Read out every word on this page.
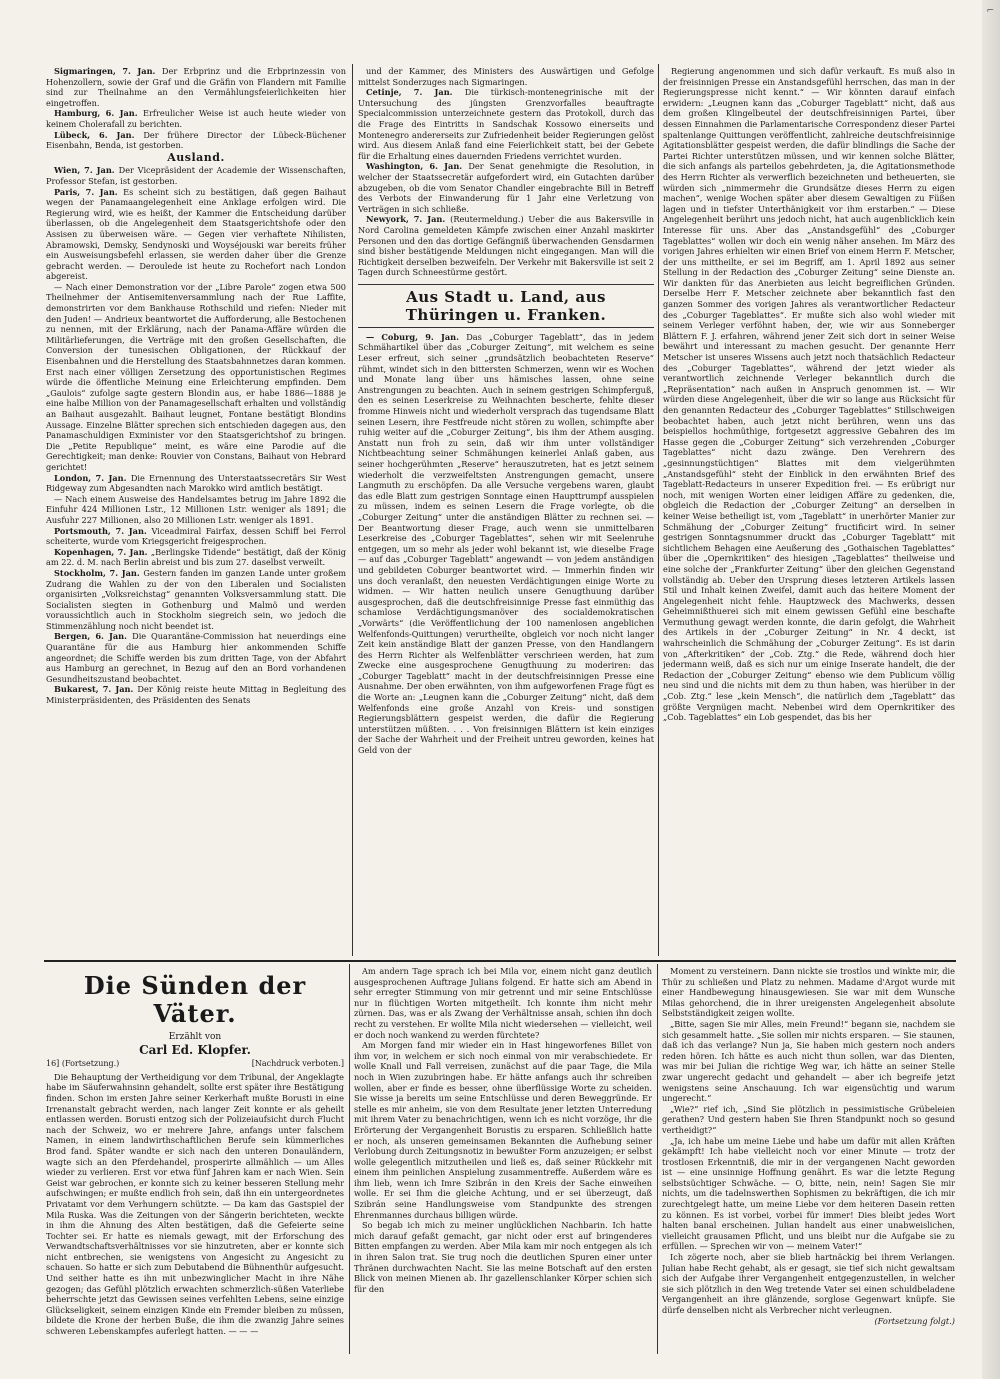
Sigmaringen, 7. Jan. Der Erbprinz und die Erbprinzessin von Hohenzollern, sowie der Graf und die Gräfin von Flandern mit Familie sind zur Theilnahme an den Vermählungsfeierlichkeiten hier eingetroffen.

Hamburg, 6. Jan. Erfreulicher Weise ist auch heute wieder von keinem Cholerafall zu berichten.

Lübeck, 6. Jan. Der frühere Director der Lübeck-Büchener Eisenbahn, Benda, ist gestorben.

Ausland.

Wien, 7. Jan. Der Vicepräsident der Academie der Wissenschaften, Professor Stefan, ist gestorben.

Paris, 7. Jan. Es scheint sich zu bestätigen, daß gegen Baihaut wegen der Panamaangelegenheit eine Anklage erfolgen wird. Die Regierung wird, wie es heißt, der Kammer die Entscheidung darüber überlassen, ob die Angelegenheit dem Staatsgerichtshofe oder den Assisen zu überweisen wäre. — Gegen vier verhaftete Nihilisten, Abramowski, Demsky, Sendynoski und Woyséjouski war bereits früher ein Ausweisungsbefehl erlassen, sie werden daher über die Grenze gebracht werden. — Deroulede ist heute zu Rochefort nach London abgereist.

— Nach einer Demonstration vor der „Libre Parole“ zogen etwa 500 Theilnehmer der Antisemitenversammlung nach der Rue Laffite, demonstrirten vor dem Bankhause Rothschild und riefen: Nieder mit den Juden! — Andrieux beantwortet die Aufforderung, alle Bestochenen zu nennen, mit der Erklärung, nach der Panama-Affäre würden die Militärlieferungen, die Verträge mit den großen Gesellschaften, die Conversion der tunesischen Obligationen, der Rückkauf der Eisenbahnen und die Herstellung des Staatsbahnnetzes daran kommen. Erst nach einer völligen Zersetzung des opportunistischen Regimes würde die öffentliche Meinung eine Erleichterung empfinden. Dem „Gaulois“ zufolge sagte gestern Blondin aus, er habe 1886—1888 je eine halbe Million von der Panamagesellschaft erhalten und vollständig an Baihaut ausgezahlt. Baihaut leugnet, Fontane bestätigt Blondins Aussage. Einzelne Blätter sprechen sich entschieden dagegen aus, den Panamaschuldigen Exminister vor den Staatsgerichtshof zu bringen. Die „Petite Republique“ meint, es wäre eine Parodie auf die Gerechtigkeit; man denke: Rouvier von Constans, Baihaut von Hebrard gerichtet!

London, 7. Jan. Die Ernennung des Unterstaatssecretärs Sir West Ridgeway zum Abgesandten nach Marokko wird amtlich bestätigt.

— Nach einem Ausweise des Handelsamtes betrug im Jahre 1892 die Einfuhr 424 Millionen Lstr., 12 Millionen Lstr. weniger als 1891; die Ausfuhr 227 Millionen, also 20 Millionen Lstr. weniger als 1891.

Portsmouth, 7. Jan. Viceadmiral Fairfax, dessen Schiff bei Ferrol scheiterte, wurde vom Kriegsgericht freigesprochen.

Kopenhagen, 7. Jan. „Berlingske Tidende“ bestätigt, daß der König am 22. d. M. nach Berlin abreist und bis zum 27. daselbst verweilt.

Stockholm, 7. Jan. Gestern fanden im ganzen Lande unter großem Zudrang die Wahlen zu der von den Liberalen und Socialisten organisirten „Volksreichstag“ genannten Volksversammlung statt. Die Socialisten siegten in Gothenburg und Malmö und werden voraussichtlich auch in Stockholm siegreich sein, wo jedoch die Stimmenzählung noch nicht beendet ist.

Bergen, 6. Jan. Die Quarantäne-Commission hat neuerdings eine Quarantäne für die aus Hamburg hier ankommenden Schiffe angeordnet; die Schiffe werden bis zum dritten Tage, von der Abfahrt aus Hamburg an gerechnet, in Bezug auf den an Bord vorhandenen Gesundheitszustand beobachtet.

Bukarest, 7. Jan. Der König reiste heute Mittag in Begleitung des Ministerpräsidenten, des Präsidenten des Senats

und der Kammer, des Ministers des Auswärtigen und Gefolge mittelst Sonderzuges nach Sigmaringen.

Cetinje, 7. Jan. Die türkisch-montenegrinische mit der Untersuchung des jüngsten Grenzvorfalles beauftragte Specialcommission unterzeichnete gestern das Protokoll, durch das die Frage des Eintritts in Sandschak Kossowo einerseits und Montenegro andererseits zur Zufriedenheit beider Regierungen gelöst wird. Aus diesem Anlaß fand eine Feierlichkeit statt, bei der Gebete für die Erhaltung eines dauernden Friedens verrichtet wurden.

Washington, 6. Jan. Der Senat genehmigte die Resolution, in welcher der Staatssecretär aufgefordert wird, ein Gutachten darüber abzugeben, ob die vom Senator Chandler eingebrachte Bill in Betreff des Verbots der Einwanderung für 1 Jahr eine Verletzung von Verträgen in sich schließe.

Newyork, 7. Jan. (Reutermeldung.) Ueber die aus Bakersville in Nord Carolina gemeldeten Kämpfe zwischen einer Anzahl maskirter Personen und den das dortige Gefängniß überwachenden Gensdarmen sind bisher bestätigende Meldungen nicht eingegangen. Man will die Richtigkeit derselben bezweifeln. Der Verkehr mit Bakersville ist seit 2 Tagen durch Schneestürme gestört.

Aus Stadt u. Land, aus Thüringen u. Franken.

— Coburg, 9. Jan. Das „Coburger Tageblatt“, das in jedem Schmähartikel über das „Coburger Zeitung“, mit welchem es seine Leser erfreut, sich seiner „grundsätzlich beobachteten Reserve“ rühmt, windet sich in den bittersten Schmerzen, wenn wir es Wochen und Monate lang über uns hämisches lassen, ohne seine Anstrengungen zu beachten. Auch in seinem gestrigen Schimpferguß, den es seinen Leserkreise zu Weihnachten bescherte, fehlte dieser fromme Hinweis nicht und wiederholt versprach das tugendsame Blatt seinen Lesern, ihre Festfreude nicht stören zu wollen, schimpfte aber ruhig weiter auf die „Coburger Zeitung“, bis ihm der Athem ausging. Anstatt nun froh zu sein, daß wir ihm unter vollständiger Nichtbeachtung seiner Schmähungen keinerlei Anlaß gaben, aus seiner hochgerühmten „Reserve“ herauszutreten, hat es jetzt seinem wiederholt die verzweifeltsten Anstrengungen gemacht, unsere Langmuth zu erschöpfen. Da alle Versuche vergebens waren, glaubt das edle Blatt zum gestrigen Sonntage einen Haupttrumpf ausspielen zu müssen, indem es seinen Lesern die Frage vorlegte, ob die „Coburger Zeitung“ unter die anständigen Blätter zu rechnen sei. — Der Beantwortung dieser Frage, auch wenn sie unmittelbaren Leserkreise des „Coburger Tageblattes“, sehen wir mit Seelenruhe entgegen, um so mehr als jeder wohl bekannt ist, wie dieselbe Frage — auf das „Coburger Tageblatt“ angewandt — von jedem anständigen und gebildeten Coburger beantwortet wird. — Immerhin finden wir uns doch veranlaßt, den neuesten Verdächtigungen einige Worte zu widmen. — Wir hatten neulich unsere Genugthuung darüber ausgesprochen, daß die deutschfreisinnige Presse fast einmüthig das schamlose Verdächtigungsmanöver des socialdemokratischen „Vorwärts“ (die Veröffentlichung der 100 namenlosen angeblichen Welfenfonds-Quittungen) verurtheilte, obgleich vor noch nicht langer Zeit kein anständige Blatt der ganzen Presse, von den Handlangern des Herrn Richter als Welfenblätter verschrieen werden, hat zum Zwecke eine ausgesprochene Genugthuung zu moderiren: das „Coburger Tageblatt“ macht in der deutschfreisinnigen Presse eine Ausnahme. Der oben erwähnten, von ihm aufgeworfenen Frage fügt es die Worte an: „Leugnen kann die „Coburger Zeitung“ nicht, daß dem Welfenfonds eine große Anzahl von Kreis- und sonstigen Regierungsblättern gespeist werden, die dafür die Regierung unterstützen müßten. . . . Von freisinnigen Blättern ist kein einziges der Sache der Wahrheit und der Freiheit untreu geworden, keines hat Geld von der

Regierung angenommen und sich dafür verkauft. Es muß also in der freisinnigen Presse ein Anstandsgefühl herrschen, das man in der Regierungspresse nicht kennt.“ — Wir könnten darauf einfach erwidern: „Leugnen kann das „Coburger Tageblatt“ nicht, daß aus dem großen Klingelbeutel der deutschfreisinnigen Partei, über dessen Einnahmen die Parlamentarische Correspondenz dieser Partei spaltenlange Quittungen veröffentlicht, zahlreiche deutschfreisinnige Agitationsblätter gespeist werden, die dafür blindlings die Sache der Partei Richter unterstützen müssen, und wir kennen solche Blätter, die sich anfangs als parteilos gebehrdeten, ja, die Agitationsmethode des Herrn Richter als verwerflich bezeichneten und betheuerten, sie würden sich „nimmermehr die Grundsätze dieses Herrn zu eigen machen“, wenige Wochen später aber diesem Gewaltigen zu Füßen lagen und in tiefster Unterthänigkeit vor ihm erstarben.“ — Diese Angelegenheit berührt uns jedoch nicht, hat auch augenblicklich kein Interesse für uns. Aber das „Anstandsgefühl“ des „Coburger Tageblattes“ wollen wir doch ein wenig näher ansehen. Im März des vorigen Jahres erhielten wir einen Brief von einem Herrn F. Metscher, der uns mittheilte, er sei im Begriff, am 1. April 1892 aus seiner Stellung in der Redaction des „Coburger Zeitung“ seine Dienste an. Wir dankten für das Anerbieten aus leicht begreiflichen Gründen. Derselbe Herr F. Metscher zeichnete aber bekanntlich fast den ganzen Sommer des vorigen Jahres als verantwortlicher Redacteur des „Coburger Tageblattes“. Er mußte sich also wohl wieder mit seinem Verleger verföhnt haben, der, wie wir aus Sonneberger Blättern F. J. erfahren, während jener Zeit sich dort in seiner Weise bewährt und interessant zu machen gesucht. Der genannte Herr Metscher ist unseres Wissens auch jetzt noch thatsächlich Redacteur des „Coburger Tageblattes“, während der jetzt wieder als verantwortlich zeichnende Verleger bekanntlich durch die „Repräsentation“ nach außen in Anspruch genommen ist. — Wir würden diese Angelegenheit, über die wir so lange aus Rücksicht für den genannten Redacteur des „Coburger Tageblattes“ Stillschweigen beobachtet haben, auch jetzt nicht berühren, wenn uns das beispiellos hochmüthige, fortgesetzt aggressive Gebahren des im Hasse gegen die „Coburger Zeitung“ sich verzehrenden „Coburger Tageblattes“ nicht dazu zwänge. Den Verehrern des „gesinnungstüchtigen“ Blattes mit dem vielgerühmten „Anstandsgefühl“ steht der Einblick in den erwähnten Brief des Tageblatt-Redacteurs in unserer Expedition frei. — Es erübrigt nur noch, mit wenigen Worten einer leidigen Affäre zu gedenken, die, obgleich die Redaction der „Coburger Zeitung“ an derselben in keiner Weise betheiligt ist, vom „Tageblatt“ in unerhörter Manier zur Schmähung der „Coburger Zeitung“ fructificirt wird. In seiner gestrigen Sonntagsnummer druckt das „Coburger Tageblatt“ mit sichtlichem Behagen eine Aeußerung des „Gothaischen Tageblattes“ über die „Opernkritiken“ des hiesigen „Tageblattes“ theilweise und eine solche der „Frankfurter Zeitung“ über den gleichen Gegenstand vollständig ab. Ueber den Ursprung dieses letzteren Artikels lassen Stil und Inhalt keinen Zweifel, damit auch das heitere Moment der Angelegenheit nicht fehle. Hauptzweck des Machwerks, dessen Geheimnißthuerei sich mit einem gewissen Gefühl eine beschafte Vermuthung gewagt werden konnte, die darin gefolgt, die Wahrheit des Artikels in der „Coburger Zeitung“ in Nr. 4 deckt, ist wahrscheinlich die Schmähung der „Coburger Zeitung“. Es ist darin von „Afterkritiken“ der „Cob. Ztg.“ die Rede, während doch hier jedermann weiß, daß es sich nur um einige Inserate handelt, die der Redaction der „Coburger Zeitung“ ebenso wie dem Publicum völlig neu sind und die nichts mit dem zu thun haben, was hierüber in der „Cob. Ztg.“ lese „kein Mensch“, die natürlich dem „Tageblatt“ das größte Vergnügen macht. Nebenbei wird dem Opernkritiker des „Cob. Tageblattes“ ein Lob gespendet, das bis her

Die Sünden der Väter.
Erzählt von
Carl Ed. Klopfer.
16] (Fortsetzung.)	[Nachdruck verboten.]

Die Behauptung der Vertheidigung vor dem Tribunal, der Angeklagte habe im Säuferwahnsinn gehandelt, sollte erst später ihre Bestätigung finden. Schon im ersten Jahre seiner Kerkerhaft mußte Borusti in eine Irrenanstalt gebracht werden, nach langer Zeit konnte er als geheilt entlassen werden. Borusti entzog sich der Polizeiaufsicht durch Flucht nach der Schweiz, wo er mehrere Jahre, anfangs unter falschem Namen, in einem landwirthschaftlichen Berufe sein kümmerliches Brod fand. Später wandte er sich nach den unteren Donauländern, wagte sich an den Pferdehandel, prosperirte allmählich — um Alles wieder zu verlieren. Erst vor etwa fünf Jahren kam er nach Wien. Sein Geist war gebrochen, er konnte sich zu keiner besseren Stellung mehr aufschwingen; er mußte endlich froh sein, daß ihn ein untergeordnetes Privatamt vor dem Verhungern schützte. — Da kam das Gastspiel der Mila Ruska. Was die Zeitungen von der Sängerin berichteten, weckte in ihm die Ahnung des Alten bestätigen, daß die Gefeierte seine Tochter sei. Er hatte es niemals gewagt, mit der Erforschung des Verwandtschaftsverhältnisses vor sie hinzutreten, aber er konnte sich nicht entbrechen, sie wenigstens von Angesicht zu Angesicht zu schauen. So hatte er sich zum Debutabend die Bühnenthür aufgesucht. Und seither hatte es ihn mit unbezwinglicher Macht in ihre Nähe gezogen; das Gefühl plötzlich erwachten schmerzlich-süßen Vaterliebe beherrschte jetzt das Gewissen seines verfehlten Lebens, seine einzige Glückseligkeit, seinem einzigen Kinde ein Fremder bleiben zu müssen, bildete die Krone der herben Buße, die ihm die zwanzig Jahre seines schweren Lebenskampfes auferlegt hatten. — — —

Am andern Tage sprach ich bei Mila vor, einem nicht ganz deutlich ausgesprochenen Auftrage Julians folgend. Er hatte sich am Abend in sehr erregter Stimmung von mir getrennt und mir seine Entschlüsse nur in flüchtigen Worten mitgetheilt. Ich konnte ihm nicht mehr zürnen. Das, was er als Zwang der Verhältnisse ansah, schien ihn doch recht zu verstehen. Er wollte Mila nicht wiedersehen — vielleicht, weil er doch noch wankend zu werden fürchtete?

Am Morgen fand mir wieder ein in Hast hingeworfenes Billet von ihm vor, in welchem er sich noch einmal von mir verabschiedete. Er wolle Knall und Fall verreisen, zunächst auf die paar Tage, die Mila noch in Wien zuzubringen habe. Er hätte anfangs auch ihr schreiben wollen, aber er finde es besser, ohne überflüssige Worte zu scheiden. Sie wisse ja bereits um seine Entschlüsse und deren Beweggründe. Er stelle es mir anheim, sie von dem Resultate jener letzten Unterredung mit ihrem Vater zu benachrichtigen, wenn ich es nicht vorzöge, ihr die Erörterung der Vergangenheit Borustis zu ersparen. Schließlich hatte er noch, als unseren gemeinsamen Bekannten die Aufhebung seiner Verlobung durch Zeitungsnotiz in bewußter Form anzuzeigen; er selbst wolle gelegentlich mitzutheilen und ließ es, daß seiner Rückkehr mit einem ihm peinlichen Anspielung zusammentreffe. Außerdem wäre es ihm lieb, wenn ich Imre Szibrán in den Kreis der Sache einweihen wolle. Er sei Ihm die gleiche Achtung, und er sei überzeugt, daß Szibrán seine Handlungsweise vom Standpunkte des strengen Ehrenmannes durchaus billigen würde.

So begab ich mich zu meiner unglücklichen Nachbarin. Ich hatte mich darauf gefaßt gemacht, gar nicht oder erst auf bringenderes Bitten empfangen zu werden. Aber Mila kam mir noch entgegen als ich in ihren Salon trat. Sie trug noch die deutlichen Spuren einer unter Thränen durchwachten Nacht. Sie las meine Botschaft auf den ersten Blick von meinen Mienen ab. Ihr gazellenschlanker Körper schien sich für den

Moment zu versteinern. Dann nickte sie trostlos und winkte mir, die Thür zu schließen und Platz zu nehmen. Madame d'Argot wurde mit einer Handbewegung hinausgewiesen. Sie war mit dem Wunsche Milas gehorchend, die in ihrer ureigensten Angelegenheit absolute Selbstständigkeit zeigen wollte.

„Bitte, sagen Sie mir Alles, mein Freund!“ begann sie, nachdem sie sich gesammelt hatte. „Sie sollen mir nichts ersparen. — Sie staunen, daß ich das verlange? Nun ja, Sie haben mich gestern noch anders reden hören. Ich hätte es auch nicht thun sollen, war das Dienten, was mir bei Julian die richtige Weg war, ich hätte an seiner Stelle zwar ungerecht gedacht und gehandelt — aber ich begreife jetzt wenigstens seine Anschauung. Ich war eigensüchtig und warum ungerecht.“

„Wie?“ rief ich, „Sind Sie plötzlich in pessimistische Grübeleien gerathen? Und gestern haben Sie Ihren Standpunkt noch so gesund vertheidigt?“

„Ja, ich habe um meine Liebe und habe um dafür mit allen Kräften gekämpft! Ich habe vielleicht noch vor einer Minute — trotz der trostlosen Erkenntniß, die mir in der vergangenen Nacht geworden ist — eine unsinnige Hoffnung genährt. Es war die letzte Regung selbstsüchtiger Schwäche. — O, bitte, nein, nein! Sagen Sie mir nichts, um die tadelnswerthen Sophismen zu bekräftigen, die ich mir zurechtgelegt hatte, um meine Liebe vor dem heiteren Dasein retten zu können. Es ist vorbei, vorbei für immer! Dies bleibt jedes Wort halten banal erscheinen. Julian handelt aus einer unabweislichen, vielleicht grausamen Pflicht, und uns bleibt nur die Aufgabe sie zu erfüllen. — Sprechen wir von — meinem Vater!“

Ich zögerte noch, aber sie blieb hartnäckig bei ihrem Verlangen. Julian habe Recht gehabt, als er gesagt, sie tief sich nicht gewaltsam sich der Aufgabe ihrer Vergangenheit entgegenzustellen, in welcher sie sich plötzlich in den Weg tretende Vater sei einen schuldbeladene Vergangenheit an ihre glänzende, sorglose Gegenwart knüpfe. Sie dürfe denselben nicht als Verbrecher nicht verleugnen.

(Fortsetzung folgt.)
⌐
